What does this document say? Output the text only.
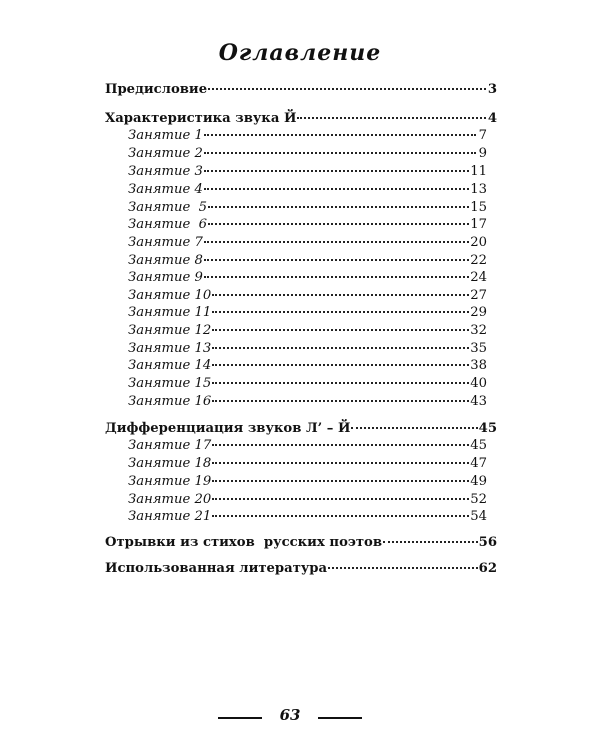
Оглавление
Предисловие	3
Характеристика звука Й	4
Занятие 1	7
Занятие 2	9
Занятие 3	11
Занятие 4	13
Занятие  5	15
Занятие  6	17
Занятие 7	20
Занятие 8	22
Занятие 9	24
Занятие 10	27
Занятие 11	29
Занятие 12	32
Занятие 13	35
Занятие 14	38
Занятие 15	40
Занятие 16	43
Дифференциация звуков Л’ – Й	45
Занятие 17	45
Занятие 18	47
Занятие 19	49
Занятие 20	52
Занятие 21	54
Отрывки из стихов  русских поэтов	56
Использованная литература	62
63
